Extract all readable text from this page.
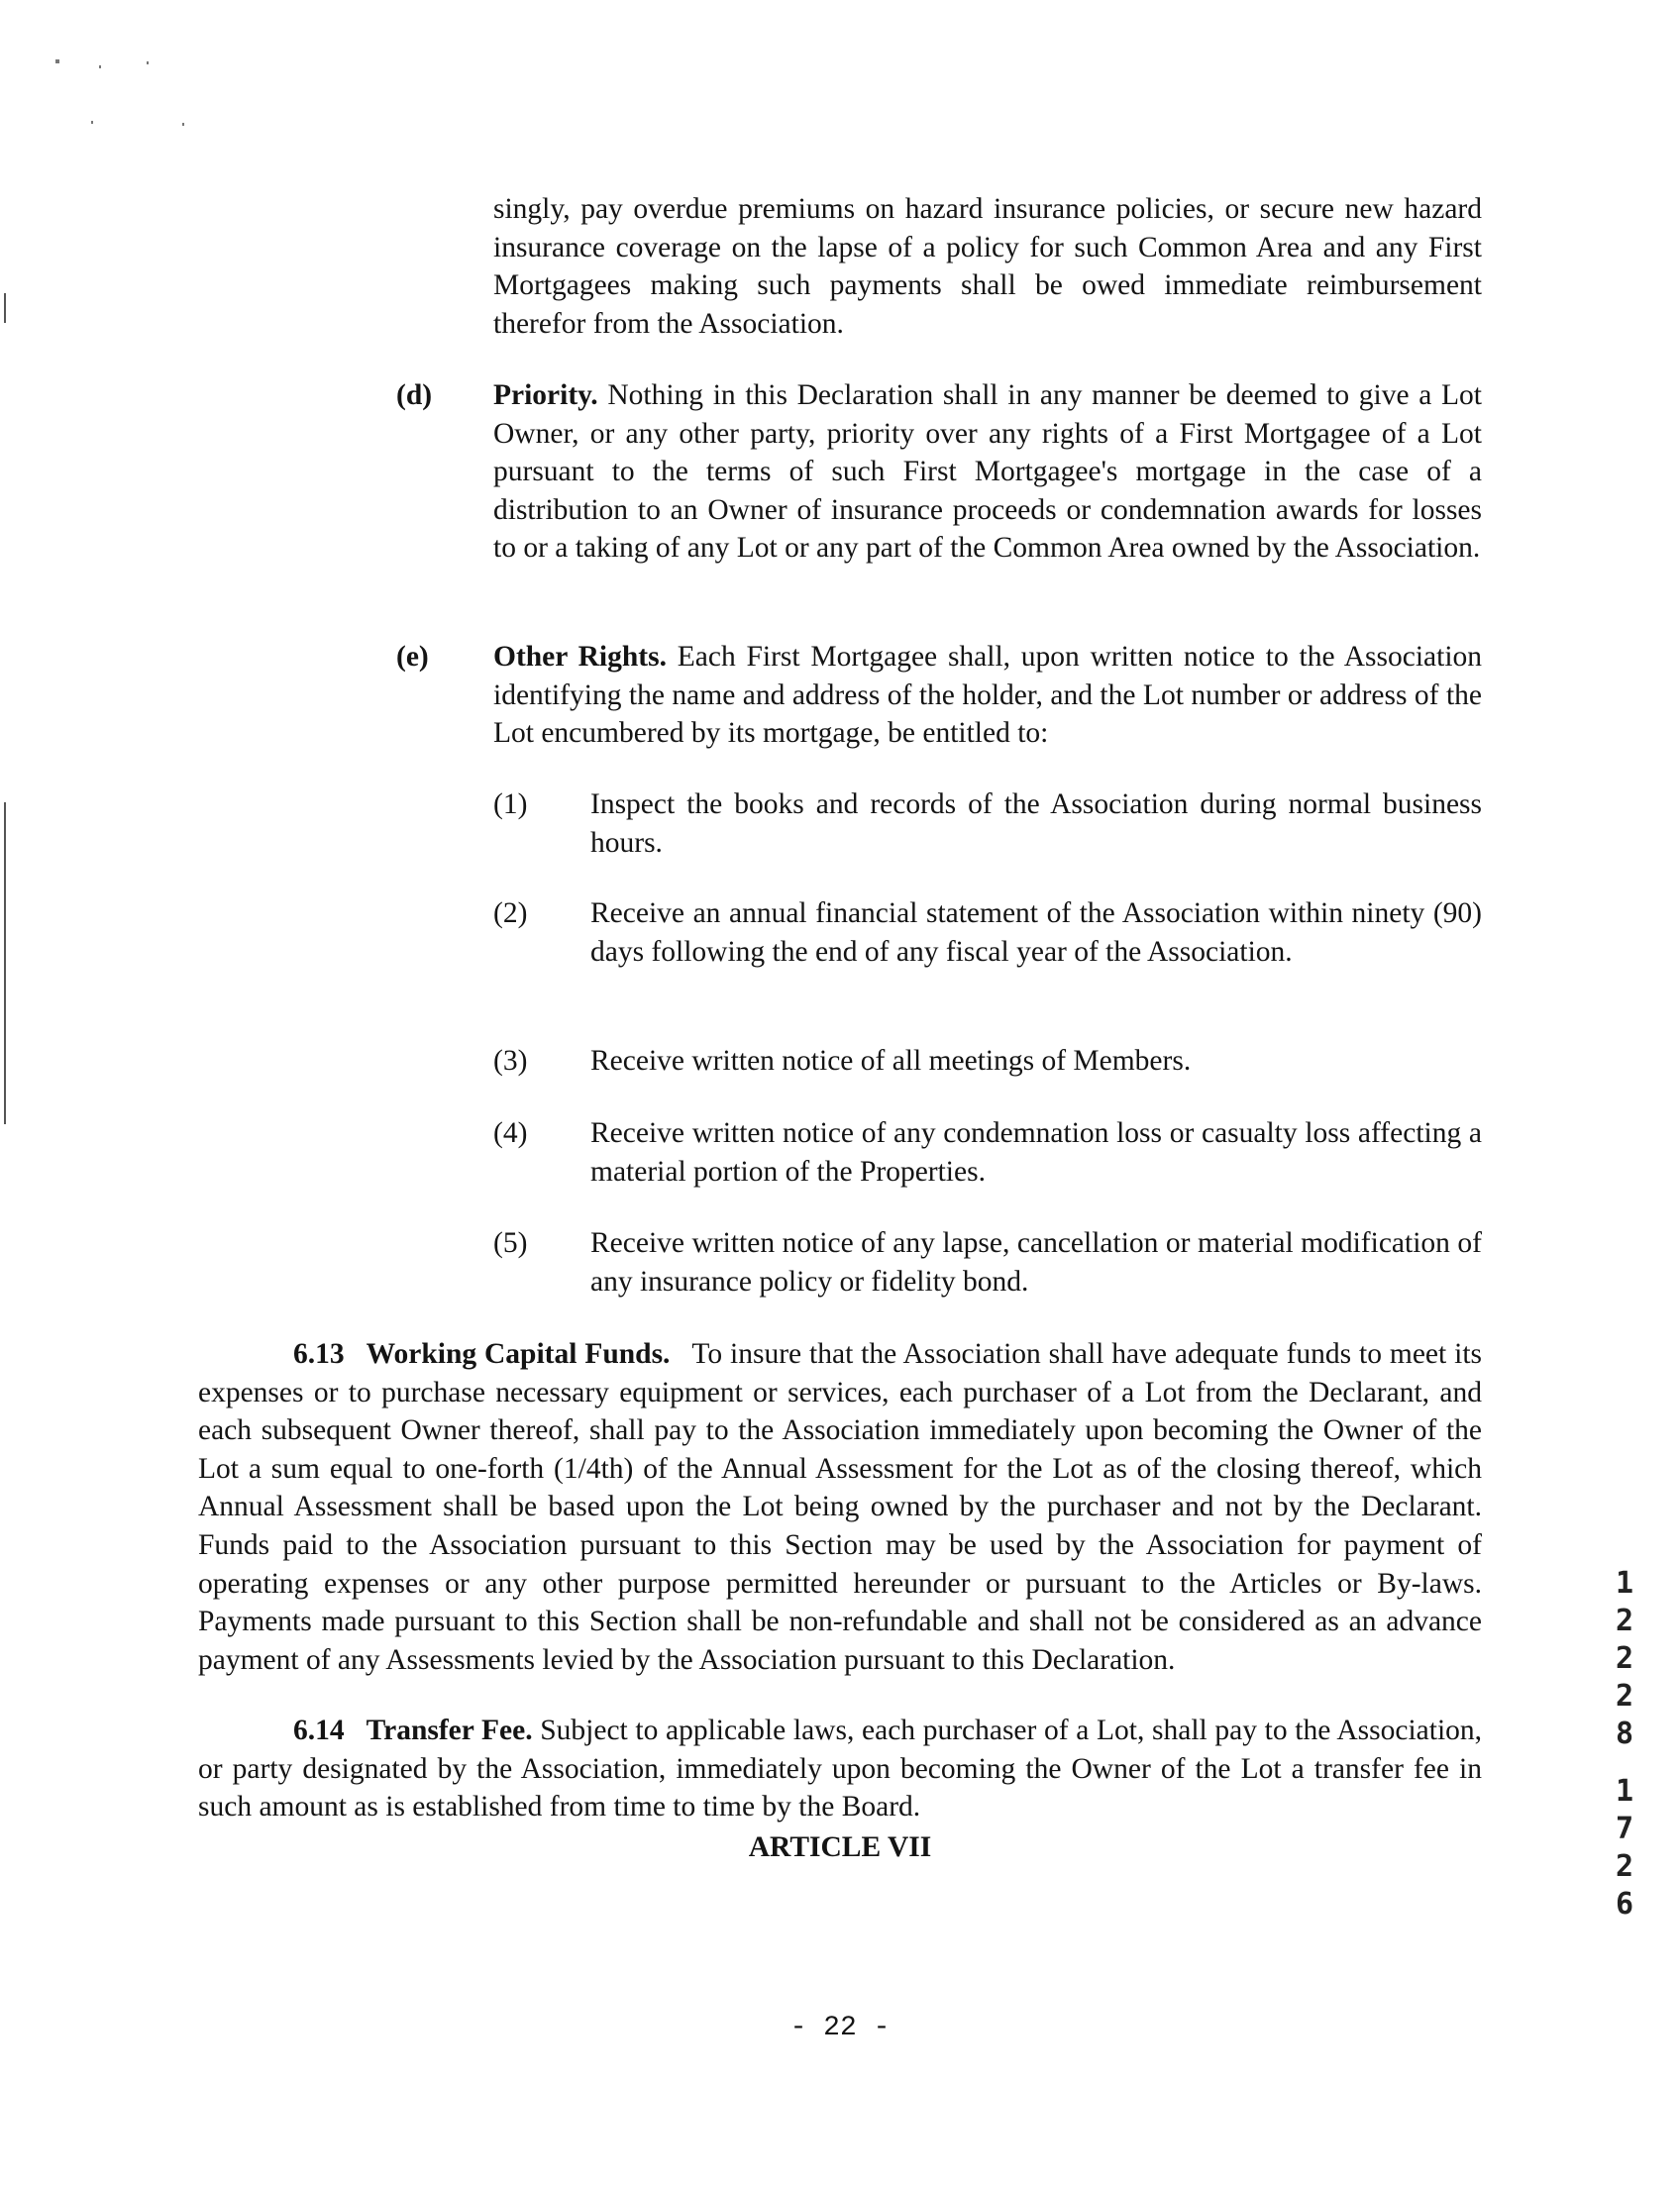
singly, pay overdue premiums on hazard insurance policies, or secure new hazard insurance coverage on the lapse of a policy for such Common Area and any First Mortgagees making such payments shall be owed immediate reimbursement therefor from the Association.

(d) Priority. Nothing in this Declaration shall in any manner be deemed to give a Lot Owner, or any other party, priority over any rights of a First Mortgagee of a Lot pursuant to the terms of such First Mortgagee's mortgage in the case of a distribution to an Owner of insurance proceeds or condemnation awards for losses to or a taking of any Lot or any part of the Common Area owned by the Association.

(e) Other Rights. Each First Mortgagee shall, upon written notice to the Association identifying the name and address of the holder, and the Lot number or address of the Lot encumbered by its mortgage, be entitled to:

(1) Inspect the books and records of the Association during normal business hours.

(2) Receive an annual financial statement of the Association within ninety (90) days following the end of any fiscal year of the Association.

(3) Receive written notice of all meetings of Members.

(4) Receive written notice of any condemnation loss or casualty loss affecting a material portion of the Properties.

(5) Receive written notice of any lapse, cancellation or material modification of any insurance policy or fidelity bond.

6.13 Working Capital Funds. To insure that the Association shall have adequate funds to meet its expenses or to purchase necessary equipment or services, each purchaser of a Lot from the Declarant, and each subsequent Owner thereof, shall pay to the Association immediately upon becoming the Owner of the Lot a sum equal to one-forth (1/4th) of the Annual Assessment for the Lot as of the closing thereof, which Annual Assessment shall be based upon the Lot being owned by the purchaser and not by the Declarant. Funds paid to the Association pursuant to this Section may be used by the Association for payment of operating expenses or any other purpose permitted hereunder or pursuant to the Articles or By-laws. Payments made pursuant to this Section shall be non-refundable and shall not be considered as an advance payment of any Assessments levied by the Association pursuant to this Declaration.

6.14 Transfer Fee. Subject to applicable laws, each purchaser of a Lot, shall pay to the Association, or party designated by the Association, immediately upon becoming the Owner of the Lot a transfer fee in such amount as is established from time to time by the Board.

ARTICLE VII
- 22 -
1
2
2
2
8
1
7
2
6
